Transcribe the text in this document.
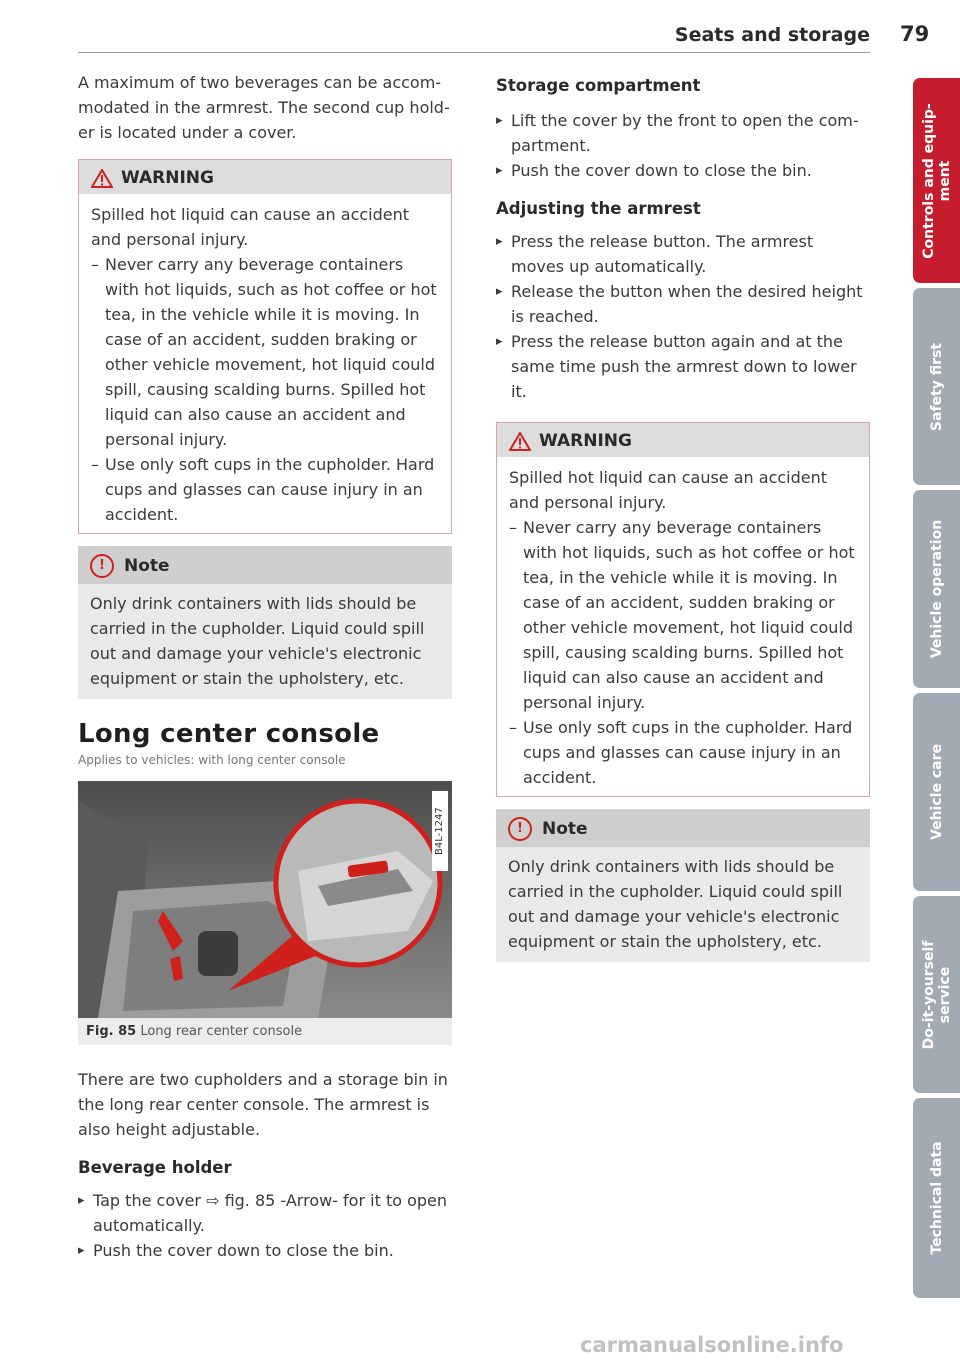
Seats and storage 79

A maximum of two beverages can be accom-modated in the armrest. The second cup hold-er is located under a cover.

WARNING

Spilled hot liquid can cause an accident and personal injury.

– Never carry any beverage containers with hot liquids, such as hot coffee or hot tea, in the vehicle while it is moving. In case of an accident, sudden braking or other vehicle movement, hot liquid could spill, causing scalding burns. Spilled hot liquid can also cause an accident and personal injury.
– Use only soft cups in the cupholder. Hard cups and glasses can cause injury in an accident.
!	Note

Only drink containers with lids should be carried in the cupholder. Liquid could spill out and damage your vehicle's electronic equipment or stain the upholstery, etc.

Long center console
Applies to vehicles: with long center console
B4L-1247
Fig. 85 Long rear center console

There are two cupholders and a storage bin in the long rear center console. The armrest is also height adjustable.

Beverage holder
▸ Tap the cover ⇨ fig. 85 -Arrow- for it to open automatically.
▸ Push the cover down to close the bin.
Storage compartment
▸ Lift the cover by the front to open the com-partment.
▸ Push the cover down to close the bin.
Adjusting the armrest
▸ Press the release button. The armrest moves up automatically.
▸ Release the button when the desired height is reached.
▸ Press the release button again and at the same time push the armrest down to lower it.
WARNING

Spilled hot liquid can cause an accident and personal injury.

– Never carry any beverage containers with hot liquids, such as hot coffee or hot tea, in the vehicle while it is moving. In case of an accident, sudden braking or other vehicle movement, hot liquid could spill, causing scalding burns. Spilled hot liquid can also cause an accident and personal injury.
– Use only soft cups in the cupholder. Hard cups and glasses can cause injury in an accident.
!	Note

Only drink containers with lids should be carried in the cupholder. Liquid could spill out and damage your vehicle's electronic equipment or stain the upholstery, etc.

Controls and equip-ment
Safety first
Vehicle operation
Vehicle care
Do-it-yourself service
Technical data
carmanualsonline.info
